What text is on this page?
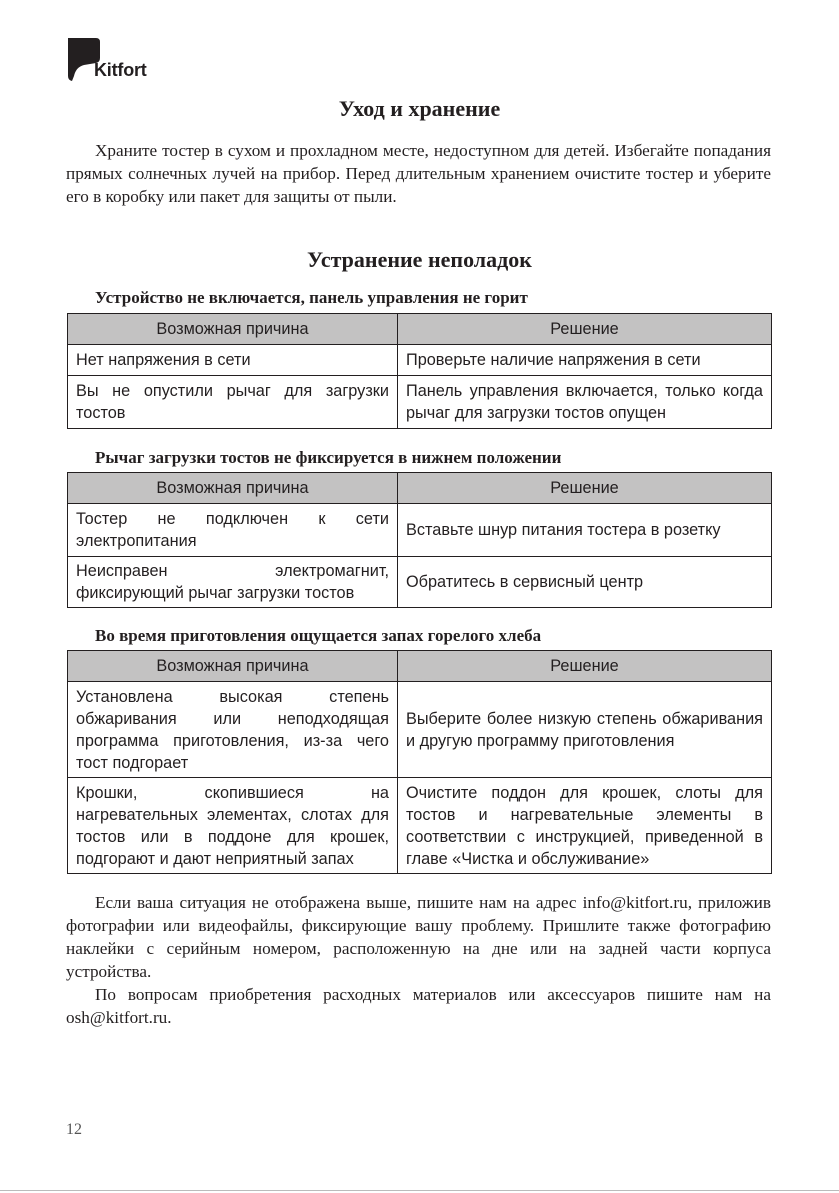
Kitfort
Уход и хранение

Храните тостер в сухом и прохладном месте, недоступном для детей. Избегайте попадания прямых солнечных лучей на прибор. Перед длительным хранением очистите тостер и уберите его в коробку или пакет для защиты от пыли.

Устранение неполадок
Устройство не включается, панель управления не горит
Возможная причина	Решение
Нет напряжения в сети	Проверьте наличие напряжения в сети
Вы не опустили рычаг для загрузки тостов	Панель управления включается, только когда рычаг для загрузки тостов опущен
Рычаг загрузки тостов не фиксируется в нижнем положении
Возможная причина	Решение
Тостер не подключен к сети электропитания	Вставьте шнур питания тостера в розетку
Неисправен электромагнит, фиксирующий рычаг загрузки тостов	Обратитесь в сервисный центр
Во время приготовления ощущается запах горелого хлеба
Возможная причина	Решение
Установлена высокая степень обжаривания или неподходящая программа приготовления, из-за чего тост подгорает	Выберите более низкую степень обжаривания и другую программу приготовления
Крошки, скопившиеся на нагревательных элементах, слотах для тостов или в поддоне для крошек, подгорают и дают неприятный запах	Очистите поддон для крошек, слоты для тостов и нагревательные элементы в соответствии с инструкцией, приведенной в главе «Чистка и обслуживание»

Если ваша ситуация не отображена выше, пишите нам на адрес info@kitfort.ru, приложив фотографии или видеофайлы, фиксирующие вашу проблему. Пришлите также фотографию наклейки с серийным номером, расположенную на дне или на задней части корпуса устройства.

По вопросам приобретения расходных материалов или аксессуаров пишите нам на osh@kitfort.ru.

12
